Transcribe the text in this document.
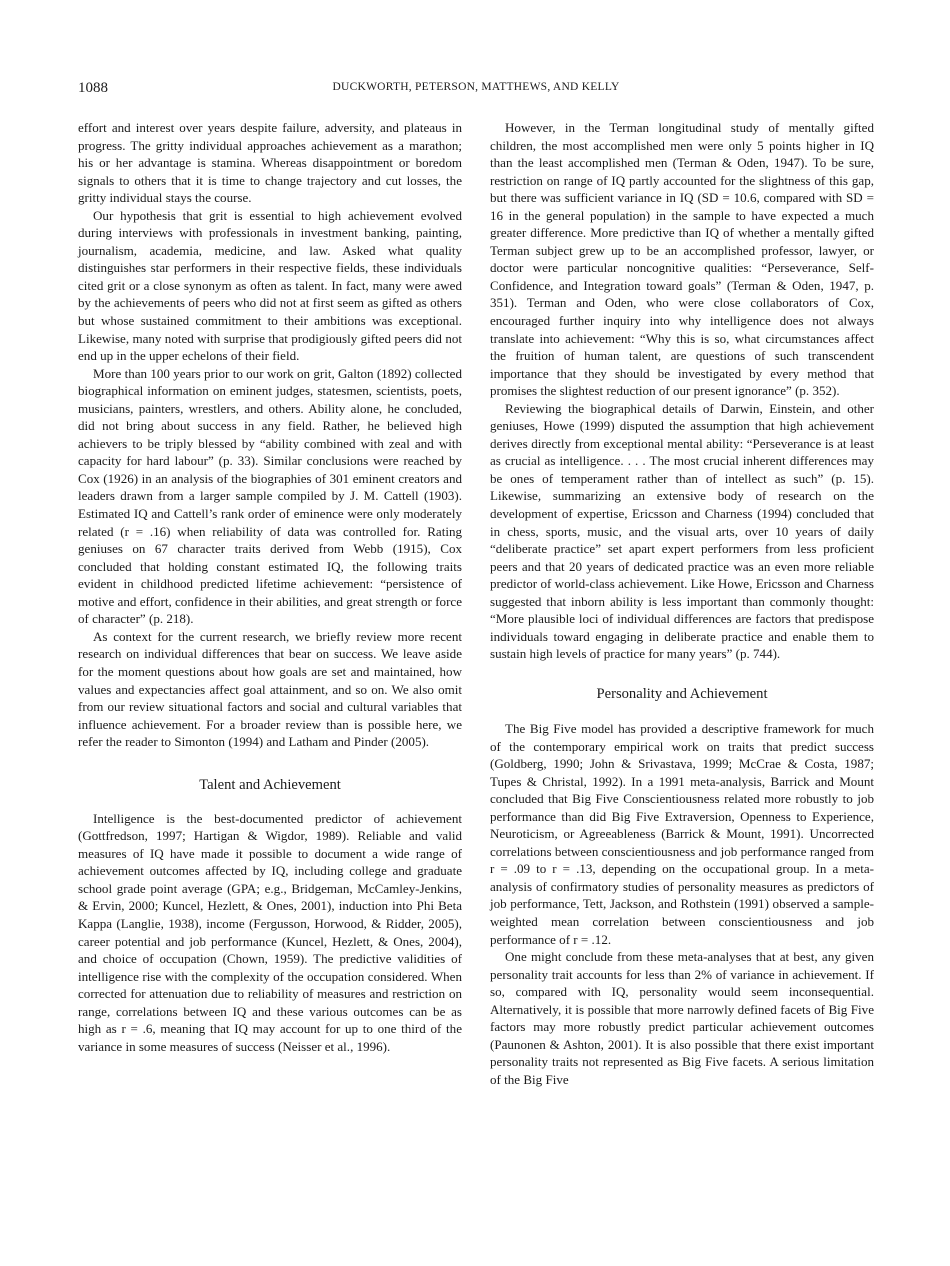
1088	DUCKWORTH, PETERSON, MATTHEWS, AND KELLY

effort and interest over years despite failure, adversity, and plateaus in progress. The gritty individual approaches achievement as a marathon; his or her advantage is stamina. Whereas disappointment or boredom signals to others that it is time to change trajectory and cut losses, the gritty individual stays the course.

Our hypothesis that grit is essential to high achievement evolved during interviews with professionals in investment banking, painting, journalism, academia, medicine, and law. Asked what quality distinguishes star performers in their respective fields, these individuals cited grit or a close synonym as often as talent. In fact, many were awed by the achievements of peers who did not at first seem as gifted as others but whose sustained commitment to their ambitions was exceptional. Likewise, many noted with surprise that prodigiously gifted peers did not end up in the upper echelons of their field.

More than 100 years prior to our work on grit, Galton (1892) collected biographical information on eminent judges, statesmen, scientists, poets, musicians, painters, wrestlers, and others. Ability alone, he concluded, did not bring about success in any field. Rather, he believed high achievers to be triply blessed by “ability combined with zeal and with capacity for hard labour” (p. 33). Similar conclusions were reached by Cox (1926) in an analysis of the biographies of 301 eminent creators and leaders drawn from a larger sample compiled by J. M. Cattell (1903). Estimated IQ and Cattell’s rank order of eminence were only moderately related (r = .16) when reliability of data was controlled for. Rating geniuses on 67 character traits derived from Webb (1915), Cox concluded that holding constant estimated IQ, the following traits evident in childhood predicted lifetime achievement: “persistence of motive and effort, confidence in their abilities, and great strength or force of character” (p. 218).

As context for the current research, we briefly review more recent research on individual differences that bear on success. We leave aside for the moment questions about how goals are set and maintained, how values and expectancies affect goal attainment, and so on. We also omit from our review situational factors and social and cultural variables that influence achievement. For a broader review than is possible here, we refer the reader to Simonton (1994) and Latham and Pinder (2005).

Talent and Achievement

Intelligence is the best-documented predictor of achievement (Gottfredson, 1997; Hartigan & Wigdor, 1989). Reliable and valid measures of IQ have made it possible to document a wide range of achievement outcomes affected by IQ, including college and graduate school grade point average (GPA; e.g., Bridgeman, McCamley-Jenkins, & Ervin, 2000; Kuncel, Hezlett, & Ones, 2001), induction into Phi Beta Kappa (Langlie, 1938), income (Fergusson, Horwood, & Ridder, 2005), career potential and job performance (Kuncel, Hezlett, & Ones, 2004), and choice of occupation (Chown, 1959). The predictive validities of intelligence rise with the complexity of the occupation considered. When corrected for attenuation due to reliability of measures and restriction on range, correlations between IQ and these various outcomes can be as high as r = .6, meaning that IQ may account for up to one third of the variance in some measures of success (Neisser et al., 1996).

However, in the Terman longitudinal study of mentally gifted children, the most accomplished men were only 5 points higher in IQ than the least accomplished men (Terman & Oden, 1947). To be sure, restriction on range of IQ partly accounted for the slightness of this gap, but there was sufficient variance in IQ (SD = 10.6, compared with SD = 16 in the general population) in the sample to have expected a much greater difference. More predictive than IQ of whether a mentally gifted Terman subject grew up to be an accomplished professor, lawyer, or doctor were particular noncognitive qualities: “Perseverance, Self-Confidence, and Integration toward goals” (Terman & Oden, 1947, p. 351). Terman and Oden, who were close collaborators of Cox, encouraged further inquiry into why intelligence does not always translate into achievement: “Why this is so, what circumstances affect the fruition of human talent, are questions of such transcendent importance that they should be investigated by every method that promises the slightest reduction of our present ignorance” (p. 352).

Reviewing the biographical details of Darwin, Einstein, and other geniuses, Howe (1999) disputed the assumption that high achievement derives directly from exceptional mental ability: “Perseverance is at least as crucial as intelligence. . . . The most crucial inherent differences may be ones of temperament rather than of intellect as such” (p. 15). Likewise, summarizing an extensive body of research on the development of expertise, Ericsson and Charness (1994) concluded that in chess, sports, music, and the visual arts, over 10 years of daily “deliberate practice” set apart expert performers from less proficient peers and that 20 years of dedicated practice was an even more reliable predictor of world-class achievement. Like Howe, Ericsson and Charness suggested that inborn ability is less important than commonly thought: “More plausible loci of individual differences are factors that predispose individuals toward engaging in deliberate practice and enable them to sustain high levels of practice for many years” (p. 744).

Personality and Achievement

The Big Five model has provided a descriptive framework for much of the contemporary empirical work on traits that predict success (Goldberg, 1990; John & Srivastava, 1999; McCrae & Costa, 1987; Tupes & Christal, 1992). In a 1991 meta-analysis, Barrick and Mount concluded that Big Five Conscientiousness related more robustly to job performance than did Big Five Extraversion, Openness to Experience, Neuroticism, or Agreeableness (Barrick & Mount, 1991). Uncorrected correlations between conscientiousness and job performance ranged from r = .09 to r = .13, depending on the occupational group. In a meta-analysis of confirmatory studies of personality measures as predictors of job performance, Tett, Jackson, and Rothstein (1991) observed a sample-weighted mean correlation between conscientiousness and job performance of r = .12.

One might conclude from these meta-analyses that at best, any given personality trait accounts for less than 2% of variance in achievement. If so, compared with IQ, personality would seem inconsequential. Alternatively, it is possible that more narrowly defined facets of Big Five factors may more robustly predict particular achievement outcomes (Paunonen & Ashton, 2001). It is also possible that there exist important personality traits not represented as Big Five facets. A serious limitation of the Big Five
